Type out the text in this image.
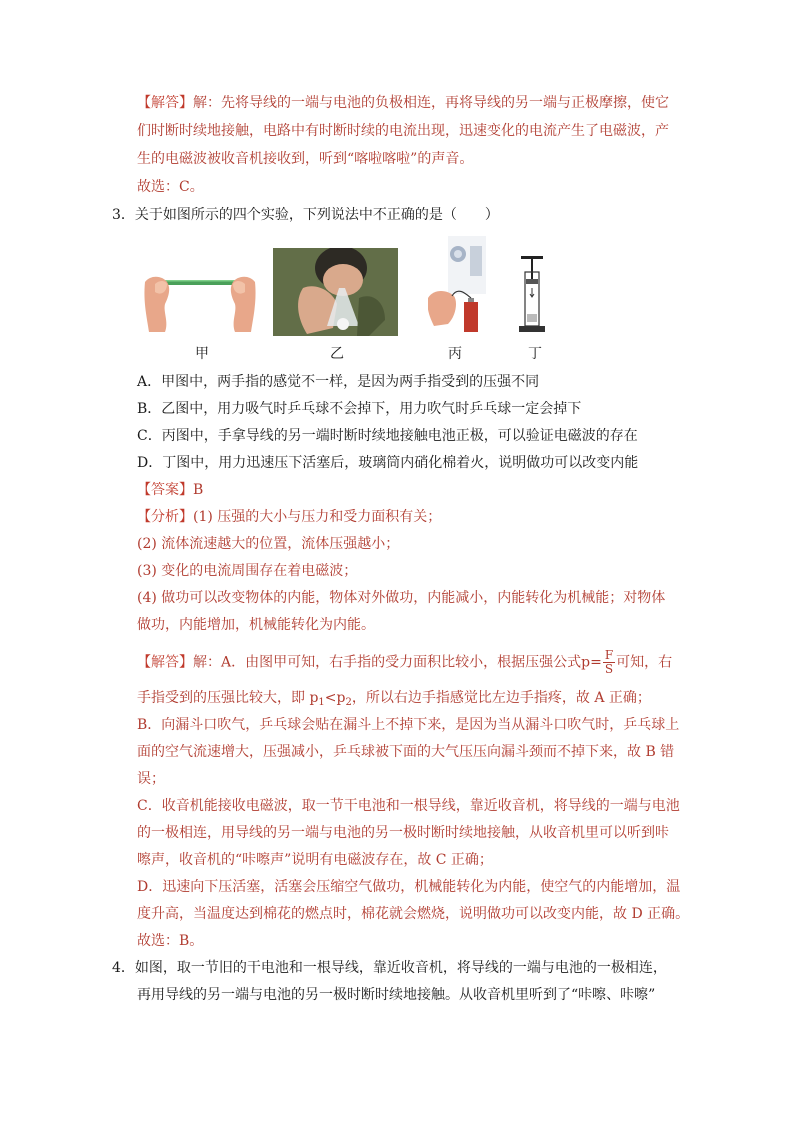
【解答】解：先将导线的一端与电池的负极相连，再将导线的另一端与正极摩擦，使它
们时断时续地接触，电路中有时断时续的电流出现，迅速变化的电流产生了电磁波，产
生的电磁波被收音机接收到，听到“喀啦喀啦”的声音。
故选：C。
3．关于如图所示的四个实验，下列说法中不正确的是（　　）
甲	乙	丙	丁
A．甲图中，两手指的感觉不一样，是因为两手指受到的压强不同
B．乙图中，用力吸气时乒乓球不会掉下，用力吹气时乒乓球一定会掉下
C．丙图中，手拿导线的另一端时断时续地接触电池正极，可以验证电磁波的存在
D．丁图中，用力迅速压下活塞后，玻璃筒内硝化棉着火，说明做功可以改变内能
【答案】B
【分析】(1) 压强的大小与压力和受力面积有关；
(2) 流体流速越大的位置，流体压强越小；
(3) 变化的电流周围存在着电磁波；
(4) 做功可以改变物体的内能，物体对外做功，内能减小，内能转化为机械能；对物体
做功，内能增加，机械能转化为内能。
【解答】解：A．由图甲可知，右手指的受力面积比较小，根据压强公式$p= \frac{F}{S}$ 可知，右
手指受到的压强比较大，即 $p_1<p_2$，所以右边手指感觉比左边手指疼，故 A 正确；
B．向漏斗口吹气，乒乓球会贴在漏斗上不掉下来，是因为当从漏斗口吹气时，乒乓球上
面的空气流速增大，压强减小，乒乓球被下面的大气压压向漏斗颈而不掉下来，故 B 错
误；
C．收音机能接收电磁波，取一节干电池和一根导线，靠近收音机，将导线的一端与电池
的一极相连，用导线的另一端与电池的另一极时断时续地接触，从收音机里可以听到咔
嚓声，收音机的“咔嚓声”说明有电磁波存在，故 C 正确；
D．迅速向下压活塞，活塞会压缩空气做功，机械能转化为内能，使空气的内能增加，温
度升高，当温度达到棉花的燃点时，棉花就会燃烧，说明做功可以改变内能，故 D 正确。
故选：B。
4．如图，取一节旧的干电池和一根导线，靠近收音机，将导线的一端与电池的一极相连，
再用导线的另一端与电池的另一极时断时续地接触。从收音机里听到了“咔嚓、咔嚓”
